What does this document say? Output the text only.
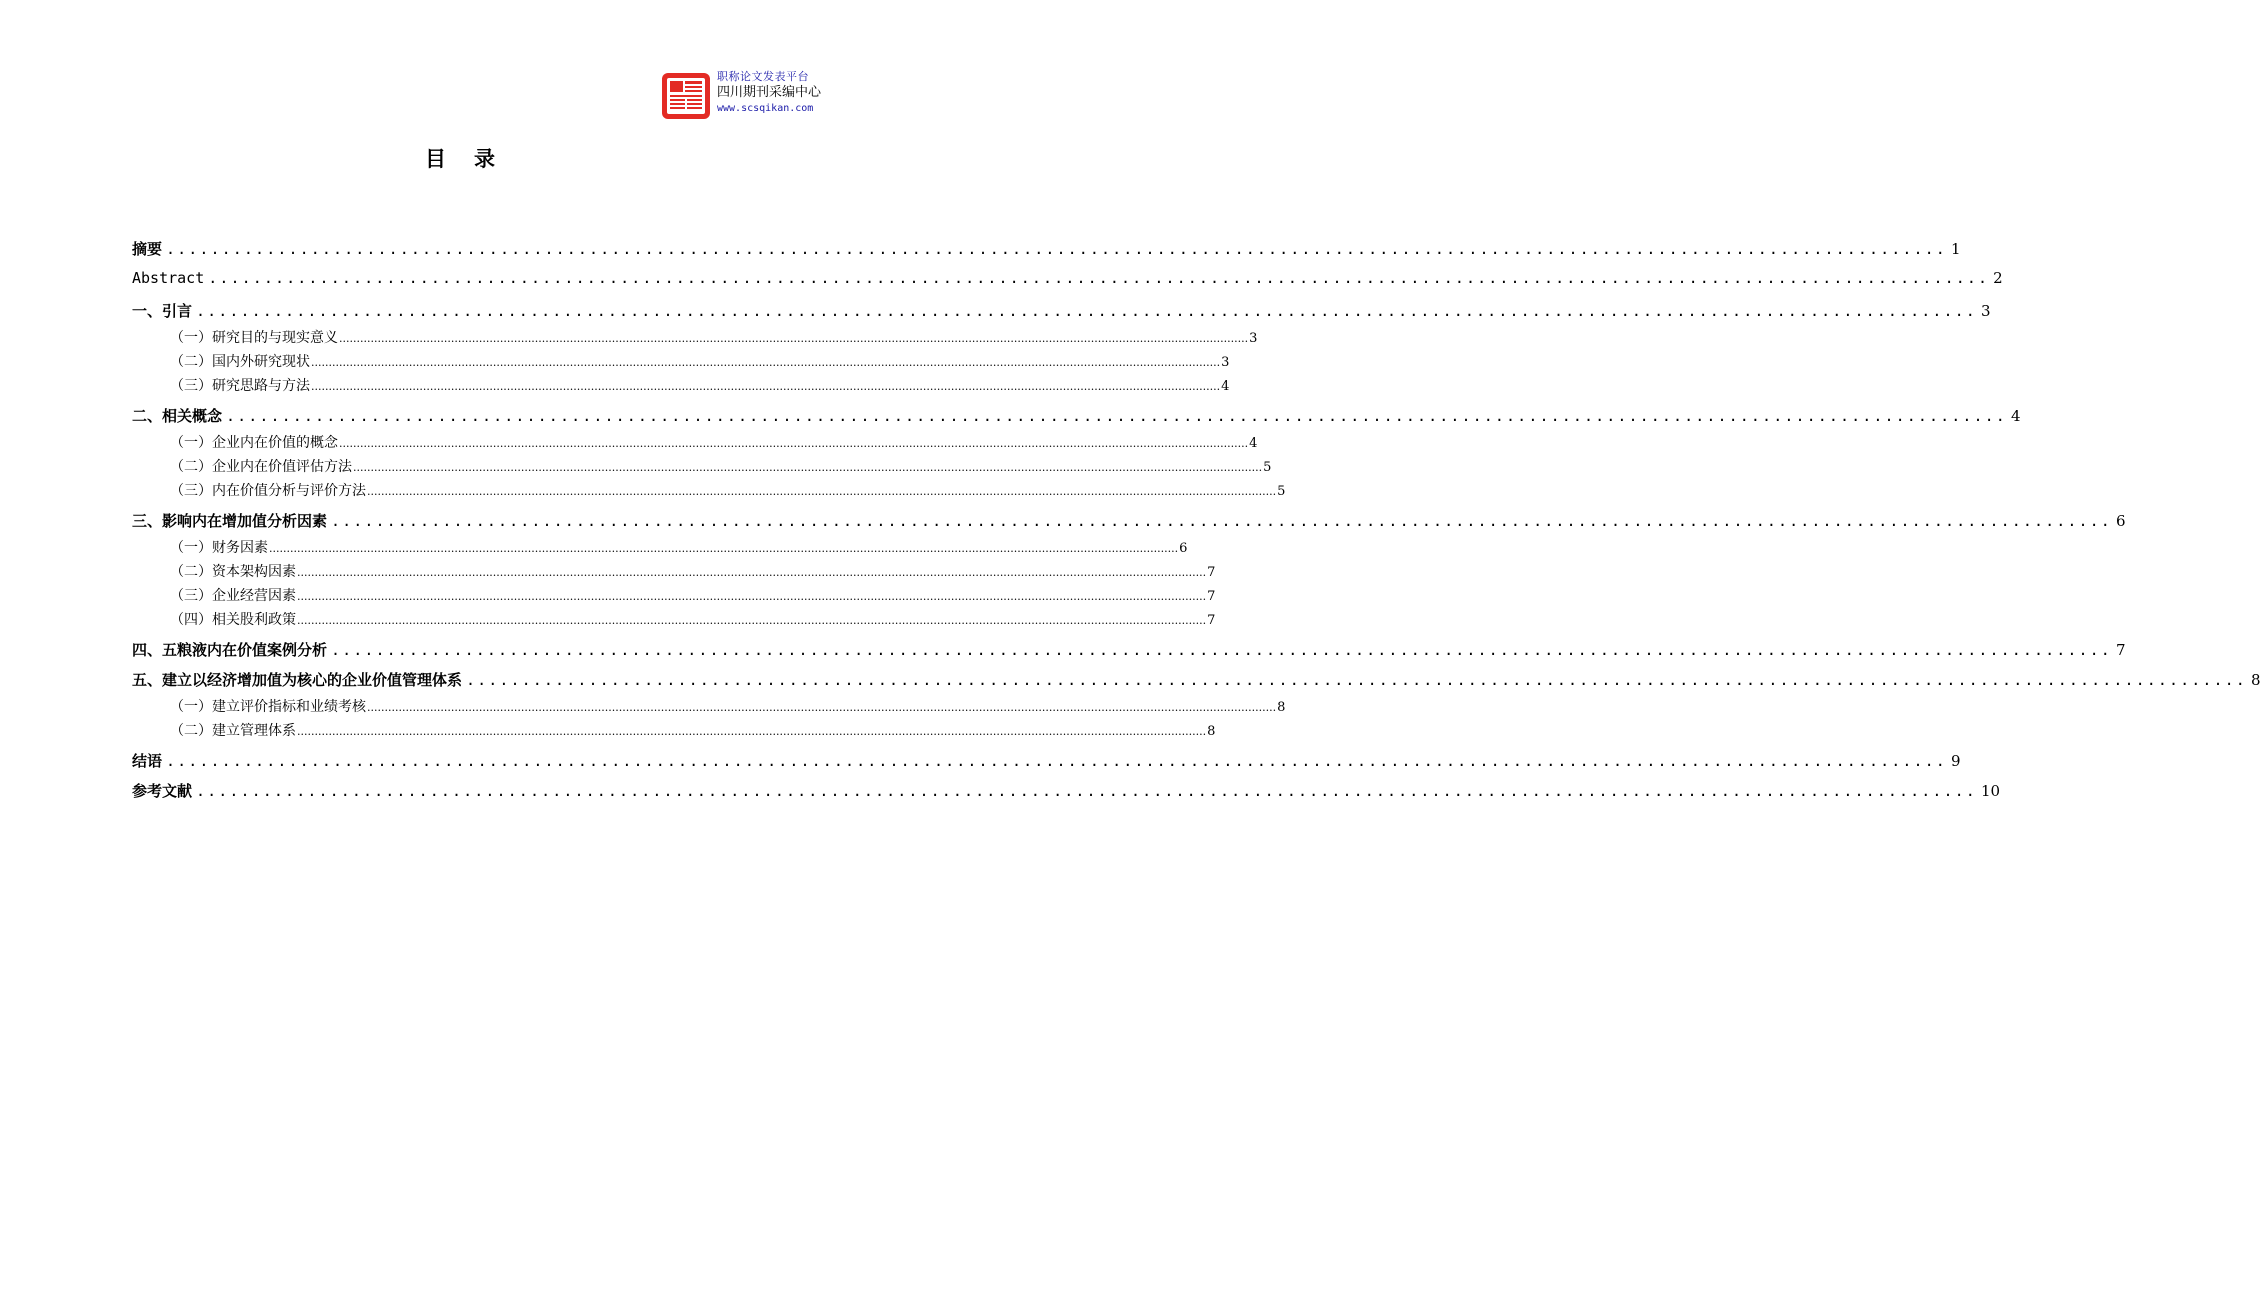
职称论文发表平台
四川期刊采编中心
www.scsqikan.com
目录
摘要 ................................................................................................................................................................ 1
Abstract ................................................................................................................................................................ 2
一、引言 ................................................................................................................................................................ 3
（一）研究目的与现实意义 .................................................................................................................................................................................................................................................................... 3
（二）国内外研究现状 .................................................................................................................................................................................................................................................................... 3
（三）研究思路与方法 .................................................................................................................................................................................................................................................................... 4
二、相关概念 ................................................................................................................................................................ 4
（一）企业内在价值的概念 .................................................................................................................................................................................................................................................................... 4
（二）企业内在价值评估方法 .................................................................................................................................................................................................................................................................... 5
（三）内在价值分析与评价方法 .................................................................................................................................................................................................................................................................... 5
三、影响内在增加值分析因素 ................................................................................................................................................................ 6
（一）财务因素 .................................................................................................................................................................................................................................................................... 6
（二）资本架构因素 .................................................................................................................................................................................................................................................................... 7
（三）企业经营因素 .................................................................................................................................................................................................................................................................... 7
（四）相关股利政策 .................................................................................................................................................................................................................................................................... 7
四、五粮液内在价值案例分析 ................................................................................................................................................................ 7
五、建立以经济增加值为核心的企业价值管理体系 ................................................................................................................................................................ 8
（一）建立评价指标和业绩考核 .................................................................................................................................................................................................................................................................... 8
（二）建立管理体系 .................................................................................................................................................................................................................................................................... 8
结语 ................................................................................................................................................................ 9
参考文献 ................................................................................................................................................................ 10
